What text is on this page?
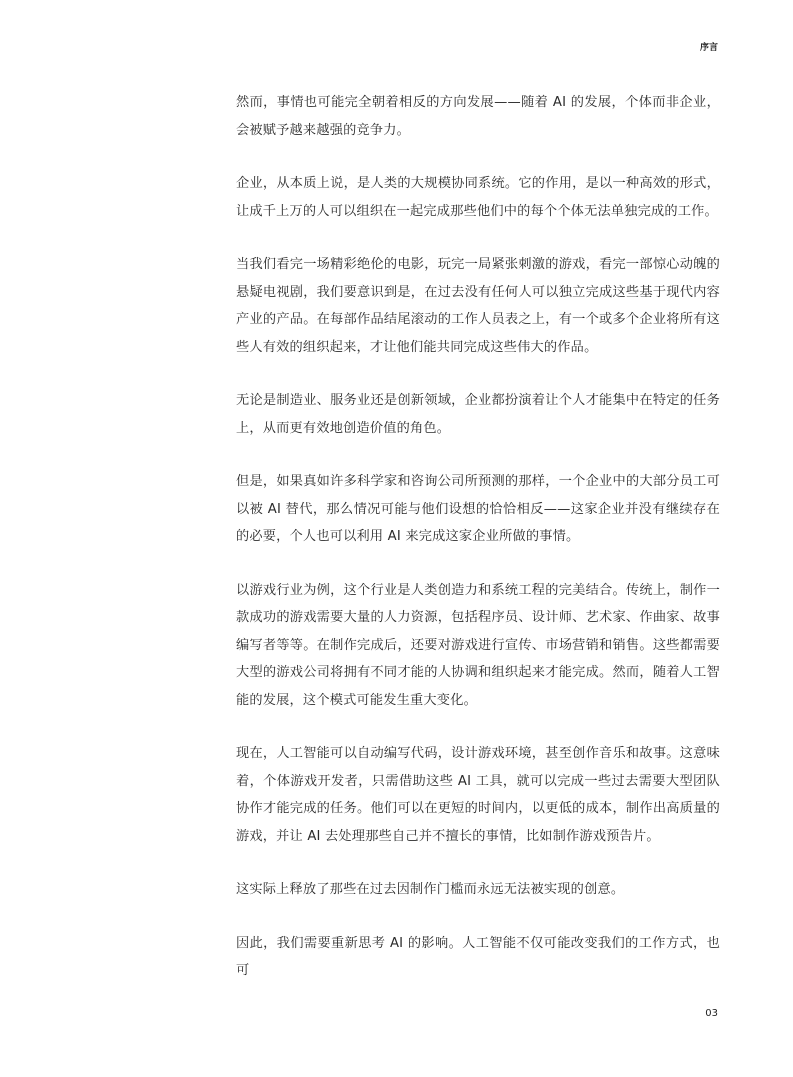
序言

然而，事情也可能完全朝着相反的方向发展——随着 AI 的发展，个体而非企业，会被赋予越来越强的竞争力。

企业，从本质上说，是人类的大规模协同系统。它的作用，是以一种高效的形式，让成千上万的人可以组织在一起完成那些他们中的每个个体无法单独完成的工作。

当我们看完一场精彩绝伦的电影，玩完一局紧张刺激的游戏，看完一部惊心动魄的悬疑电视剧，我们要意识到是，在过去没有任何人可以独立完成这些基于现代内容产业的产品。在每部作品结尾滚动的工作人员表之上，有一个或多个企业将所有这些人有效的组织起来，才让他们能共同完成这些伟大的作品。

无论是制造业、服务业还是创新领域，企业都扮演着让个人才能集中在特定的任务上，从而更有效地创造价值的角色。

但是，如果真如许多科学家和咨询公司所预测的那样，一个企业中的大部分员工可以被 AI 替代，那么情况可能与他们设想的恰恰相反——这家企业并没有继续存在的必要，个人也可以利用 AI 来完成这家企业所做的事情。

以游戏行业为例，这个行业是人类创造力和系统工程的完美结合。传统上，制作一款成功的游戏需要大量的人力资源，包括程序员、设计师、艺术家、作曲家、故事编写者等等。在制作完成后，还要对游戏进行宣传、市场营销和销售。这些都需要大型的游戏公司将拥有不同才能的人协调和组织起来才能完成。然而，随着人工智能的发展，这个模式可能发生重大变化。

现在，人工智能可以自动编写代码，设计游戏环境，甚至创作音乐和故事。这意味着，个体游戏开发者，只需借助这些 AI 工具，就可以完成一些过去需要大型团队协作才能完成的任务。他们可以在更短的时间内，以更低的成本，制作出高质量的游戏，并让 AI 去处理那些自己并不擅长的事情，比如制作游戏预告片。

这实际上释放了那些在过去因制作门槛而永远无法被实现的创意。

因此，我们需要重新思考 AI 的影响。人工智能不仅可能改变我们的工作方式，也可

03
